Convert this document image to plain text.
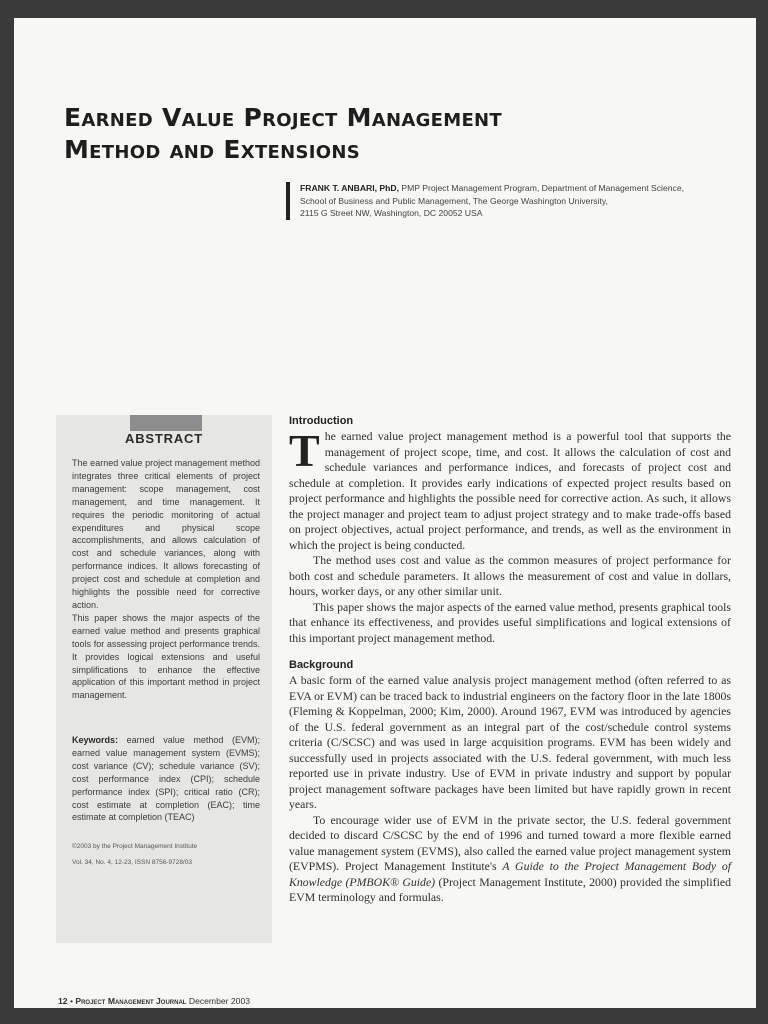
Earned Value Project Management
Method and Extensions
FRANK T. ANBARI, PhD, PMP Project Management Program, Department of Management Science,
School of Business and Public Management, The George Washington University,
2115 G Street NW, Washington, DC 20052 USA
ABSTRACT

The earned value project management method integrates three critical elements of project management: scope management, cost management, and time management. It requires the periodic monitoring of actual expenditures and physical scope accomplishments, and allows calculation of cost and schedule variances, along with performance indices. It allows forecasting of project cost and schedule at completion and highlights the possible need for corrective action.

This paper shows the major aspects of the earned value method and presents graphical tools for assessing project performance trends. It provides logical extensions and useful simplifications to enhance the effective application of this important method in project management.

Keywords: earned value method (EVM); earned value management system (EVMS); cost variance (CV); schedule variance (SV); cost performance index (CPI); schedule performance index (SPI); critical ratio (CR); cost estimate at completion (EAC); time estimate at completion (TEAC)
©2003 by the Project Management Institute
Vol. 34, No. 4, 12-23, ISSN 8756-9728/03
Introduction

The earned value project management method is a powerful tool that supports the management of project scope, time, and cost. It allows the calculation of cost and schedule variances and performance indices, and forecasts of project cost and schedule at completion. It provides early indications of expected project results based on project performance and highlights the possible need for corrective action. As such, it allows the project manager and project team to adjust project strategy and to make trade-offs based on project objectives, actual project performance, and trends, as well as the environment in which the project is being conducted.

The method uses cost and value as the common measures of project performance for both cost and schedule parameters. It allows the measurement of cost and value in dollars, hours, worker days, or any other similar unit.

This paper shows the major aspects of the earned value method, presents graphical tools that enhance its effectiveness, and provides useful simplifications and logical extensions of this important project management method.

Background

A basic form of the earned value analysis project management method (often referred to as EVA or EVM) can be traced back to industrial engineers on the factory floor in the late 1800s (Fleming & Koppelman, 2000; Kim, 2000). Around 1967, EVM was introduced by agencies of the U.S. federal government as an integral part of the cost/schedule control systems criteria (C/SCSC) and was used in large acquisition programs. EVM has been widely and successfully used in projects associated with the U.S. federal government, with much less reported use in private industry. Use of EVM in private industry and support by popular project management software packages have been limited but have rapidly grown in recent years.

To encourage wider use of EVM in the private sector, the U.S. federal government decided to discard C/SCSC by the end of 1996 and turned toward a more flexible earned value management system (EVMS), also called the earned value project management system (EVPMS). Project Management Institute's A Guide to the Project Management Body of Knowledge (PMBOK® Guide) (Project Management Institute, 2000) provided the simplified EVM terminology and formulas.

12 • Project Management Journal December 2003
